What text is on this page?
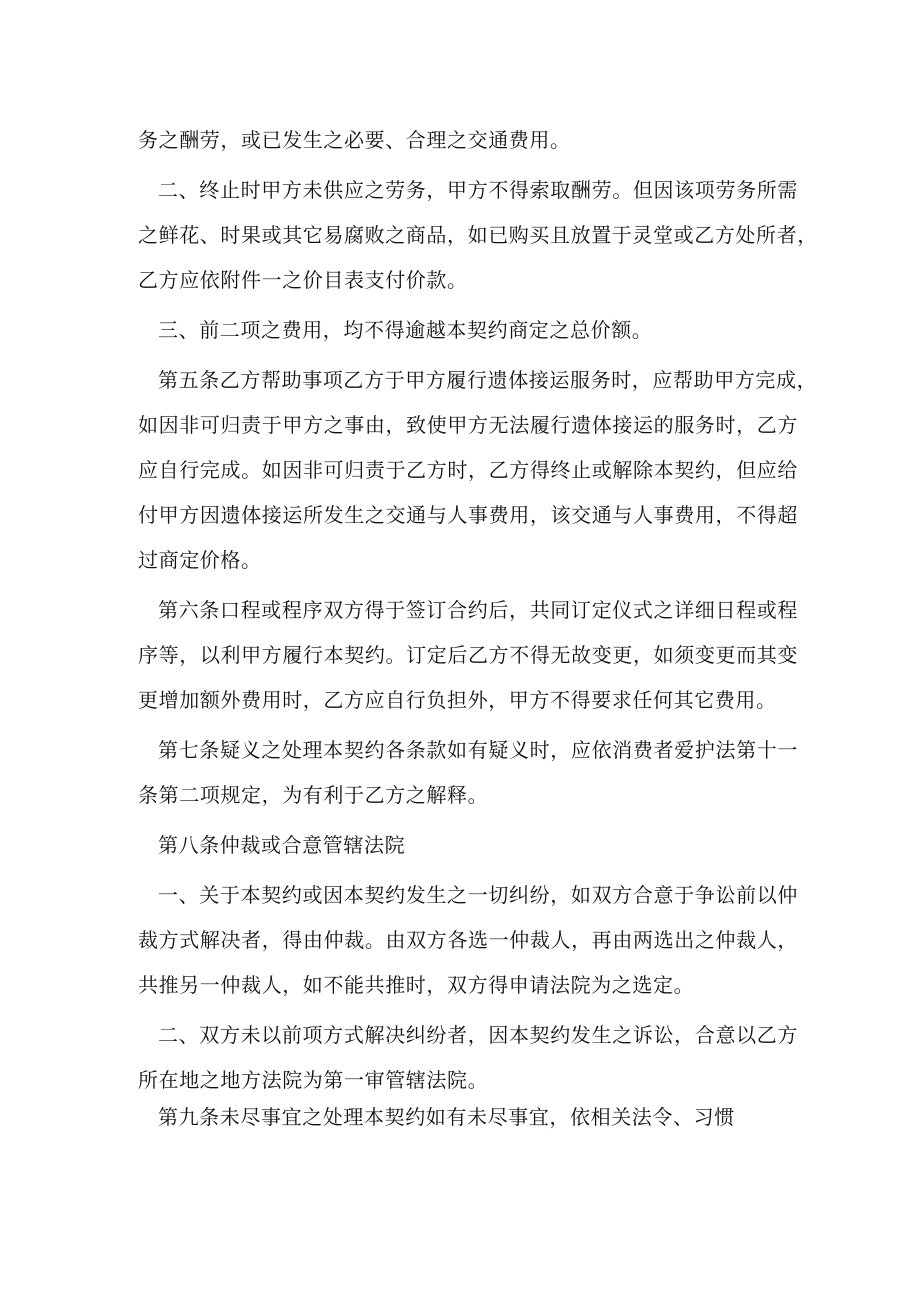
务之酬劳，或已发生之必要、合理之交通费用。

二、终止时甲方未供应之劳务，甲方不得索取酬劳。但因该项劳务所需

之鲜花、时果或其它易腐败之商品，如已购买且放置于灵堂或乙方处所者，

乙方应依附件一之价目表支付价款。

三、前二项之费用，均不得逾越本契约商定之总价额。

第五条乙方帮助事项乙方于甲方履行遗体接运服务时，应帮助甲方完成，

如因非可归责于甲方之事由，致使甲方无法履行遗体接运的服务时，乙方

应自行完成。如因非可归责于乙方时，乙方得终止或解除本契约，但应给

付甲方因遗体接运所发生之交通与人事费用，该交通与人事费用，不得超

过商定价格。

第六条口程或程序双方得于签订合约后，共同订定仪式之详细日程或程

序等，以利甲方履行本契约。订定后乙方不得无故变更，如须变更而其变

更增加额外费用时，乙方应自行负担外，甲方不得要求任何其它费用。

第七条疑义之处理本契约各条款如有疑义时，应依消费者爱护法第十一

条第二项规定，为有利于乙方之解释。

第八条仲裁或合意管辖法院

一、关于本契约或因本契约发生之一切纠纷，如双方合意于争讼前以仲

裁方式解决者，得由仲裁。由双方各选一仲裁人，再由两选出之仲裁人，

共推另一仲裁人，如不能共推时，双方得申请法院为之选定。

二、双方未以前项方式解决纠纷者，因本契约发生之诉讼，合意以乙方

所在地之地方法院为第一审管辖法院。

第九条未尽事宜之处理本契约如有未尽事宜，依相关法令、习惯
